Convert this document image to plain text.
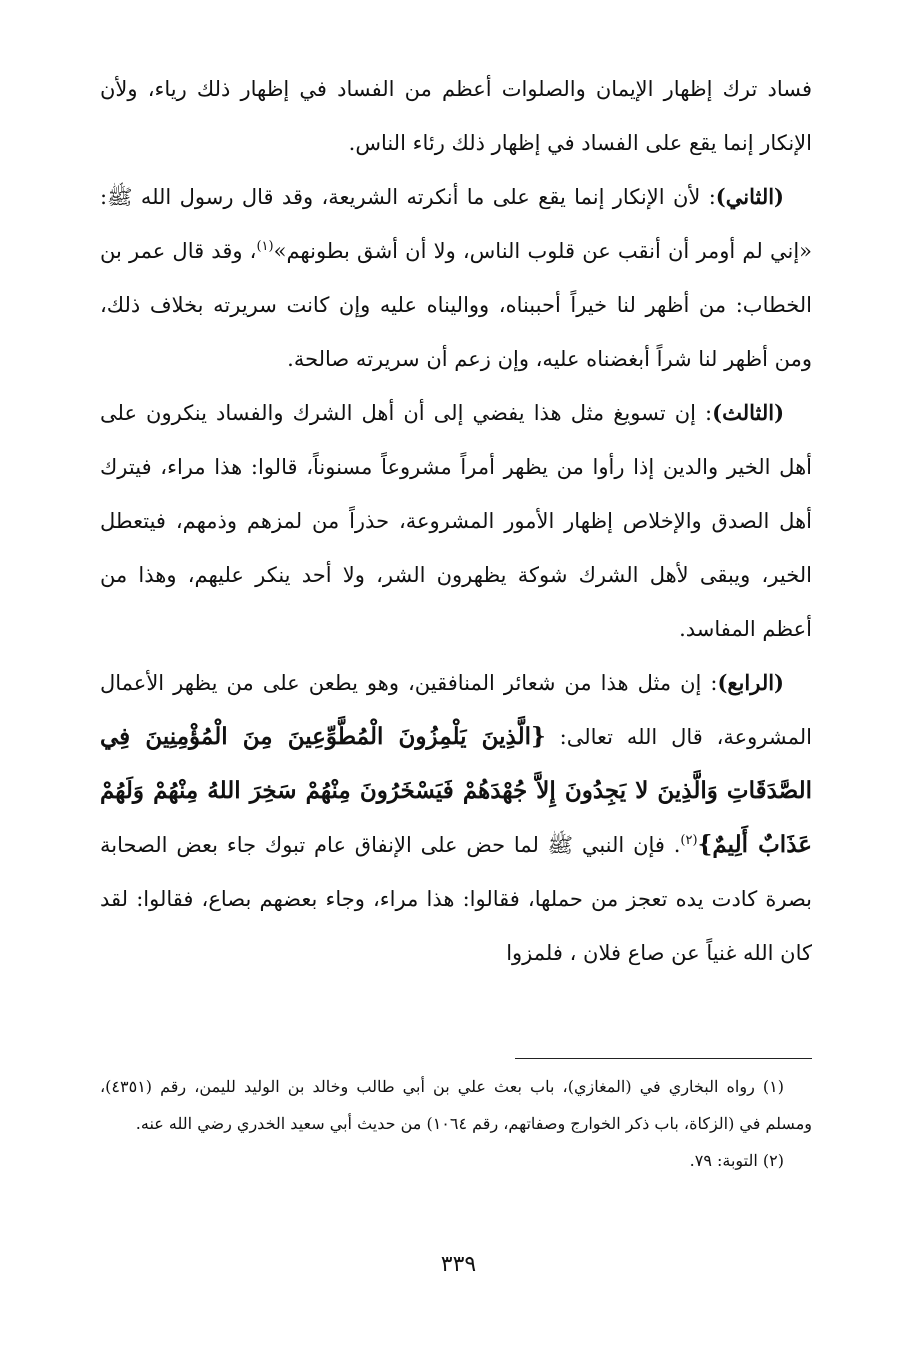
فساد ترك إظهار الإيمان والصلوات أعظم من الفساد في إظهار ذلك رياء، ولأن الإنكار إنما يقع على الفساد في إظهار ذلك رئاء الناس.

(الثاني): لأن الإنكار إنما يقع على ما أنكرته الشريعة، وقد قال رسول الله ﷺ: «إني لم أومر أن أنقب عن قلوب الناس، ولا أن أشق بطونهم»$^{(١)}$، وقد قال عمر بن الخطاب: من أظهر لنا خيراً أحببناه، وواليناه عليه وإن كانت سريرته بخلاف ذلك، ومن أظهر لنا شراً أبغضناه عليه، وإن زعم أن سريرته صالحة.

(الثالث): إن تسويغ مثل هذا يفضي إلى أن أهل الشرك والفساد ينكرون على أهل الخير والدين إذا رأوا من يظهر أمراً مشروعاً مسنوناً، قالوا: هذا مراء، فيترك أهل الصدق والإخلاص إظهار الأمور المشروعة، حذراً من لمزهم وذمهم، فيتعطل الخير، ويبقى لأهل الشرك شوكة يظهرون الشر، ولا أحد ينكر عليهم، وهذا من أعظم المفاسد.

(الرابع): إن مثل هذا من شعائر المنافقين، وهو يطعن على من يظهر الأعمال المشروعة، قال الله تعالى: {الَّذِينَ يَلْمِزُونَ الْمُطَّوِّعِينَ مِنَ الْمُؤْمِنِينَ فِي الصَّدَقَاتِ وَالَّذِينَ لا يَجِدُونَ إِلاَّ جُهْدَهُمْ فَيَسْخَرُونَ مِنْهُمْ سَخِرَ اللهُ مِنْهُمْ وَلَهُمْ عَذَابٌ أَلِيمٌ}$^{(٢)}$. فإن النبي ﷺ لما حض على الإنفاق عام تبوك جاء بعض الصحابة بصرة كادت يده تعجز من حملها، فقالوا: هذا مراء، وجاء بعضهم بصاع، فقالوا: لقد كان الله غنياً عن صاع فلان ، فلمزوا

(١) رواه البخاري في (المغازي)، باب بعث علي بن أبي طالب وخالد بن الوليد لليمن، رقم (٤٣٥١)، ومسلم في (الزكاة، باب ذكر الخوارج وصفاتهم، رقم ١٠٦٤) من حديث أبي سعيد الخدري رضي الله عنه.

(٢) التوبة: ٧٩.

٣٣٩
